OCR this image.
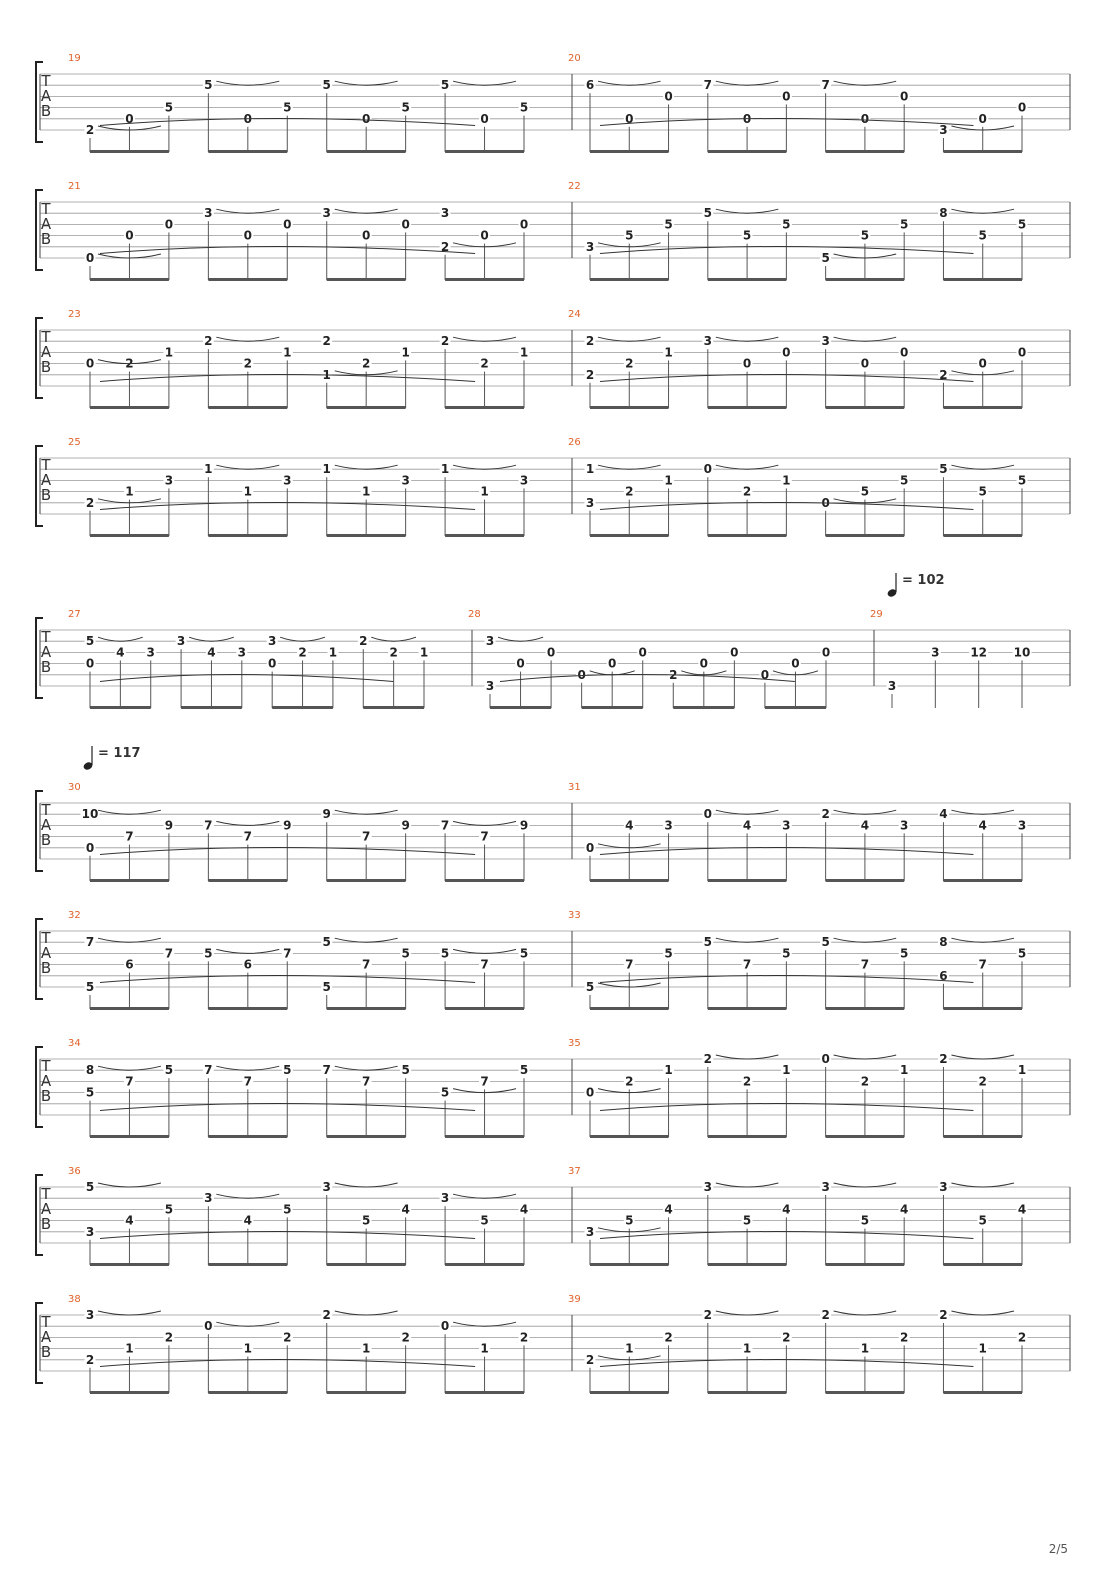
T
A
B
19
2
0
5
5
0
5
5
0
5
5
0
5
20
6
0
0
7
0
0
7
0
0
3
0
0
T
A
B
21
0
0
0
3
0
0
3
0
0
2
3
0
0
22
3
5
5
5
5
5
5
5
5
8
5
5
T
A
B
23
0	2
1
2
2
1
1
2
2
1
2
2
1
24
2
2
2
1
3
0
0
3
0
0
2
0
0
T
A
B
25
2
1
3
1
1
3
1
1
3
1
1
3
26
1
3
2
1
0
2
1
0
5
5
5
5
5
T
A
B
27
5
0
4 3
3
4 3
3
0
2 1
2
2 1
28
3
3
0
0
0
0
0
2
0
0
0
0
0
29
3
3	12 10
= 102
T
A
B
30
10
0
7
9	7
7
9
9
7
9	7
7
9
= 117
31
0
4	3
0
4	3
2
4	3
4
4	3
T
A
B
32
7
5
6
7	5
6
7
5
5
7
5	5
7
5
33
5
7
5
5
7
5
5
7
5
8
6
7
5
T
A
B
34
8
5
7
5	7
7
5	7
7
5
5
7
5
35
0
2
1
2
2
1
0
2
1
2
2
1
T
A
B
36
5
3
4
5
3
4
5
3
5
4
3
5
4
37
3
5
4
3
5
4
3
5
4
3
5
4
T
A
B
38
3
2
1
2
0
1
2
2
1
2
0
1
2
39
2
1
2
2
1
2
2
1
2
2
1
2
2/5
